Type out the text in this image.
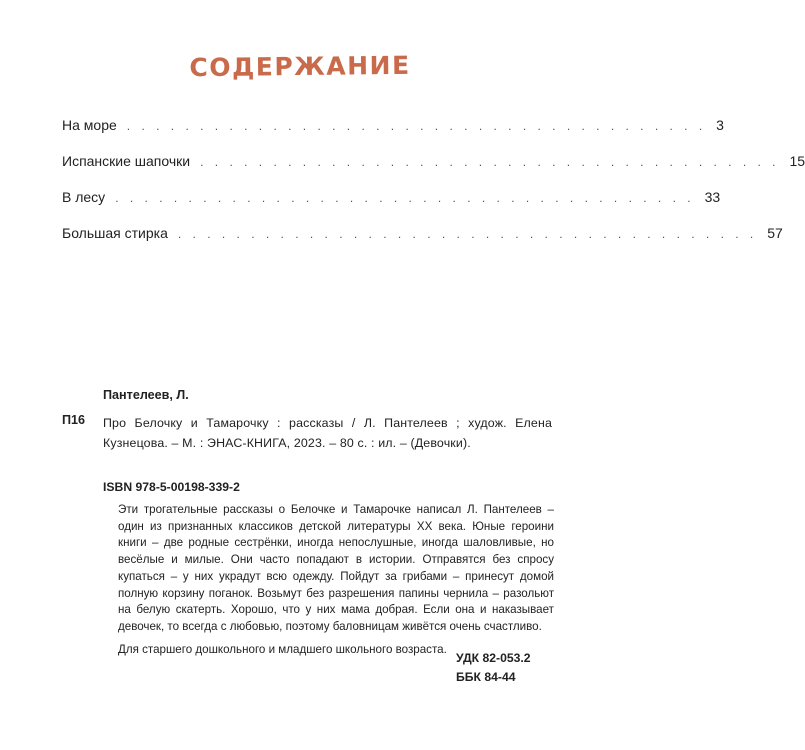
СОДЕРЖАНИЕ
На море . . . . . . . . . . . . . . . . . . . . . . . . . . . . . . . . . . . . . . . . 3
Испанские шапочки . . . . . . . . . . . . . . . . . . . . . . . . . . . . . . . . . . . . . . . . 15
В лесу . . . . . . . . . . . . . . . . . . . . . . . . . . . . . . . . . . . . . . . . 33
Большая стирка . . . . . . . . . . . . . . . . . . . . . . . . . . . . . . . . . . . . . . . . 57
Пантелеев, Л.
П16 Про Белочку и Тамарочку : рассказы / Л. Пантелеев ; худож. Елена Кузнецова. – М. : ЭНАС-КНИГА, 2023. – 80 с. : ил. – (Девочки).
ISBN 978-5-00198-339-2

Эти трогательные рассказы о Белочке и Тамарочке написал Л. Пантелеев – один из признанных классиков детской литературы XX века. Юные героини книги – две родные сестрёнки, иногда непослушные, иногда шаловливые, но весёлые и милые. Они часто попадают в истории. Отправятся без спросу купаться – у них украдут всю одежду. Пойдут за грибами – принесут домой полную корзину поганок. Возьмут без разрешения папины чернила – разольют на белую скатерть. Хорошо, что у них мама добрая. Если она и наказывает девочек, то всегда с любовью, поэтому баловницам живётся очень счастливо.

Для старшего дошкольного и младшего школьного возраста.

УДК 82-053.2
ББК 84-44
